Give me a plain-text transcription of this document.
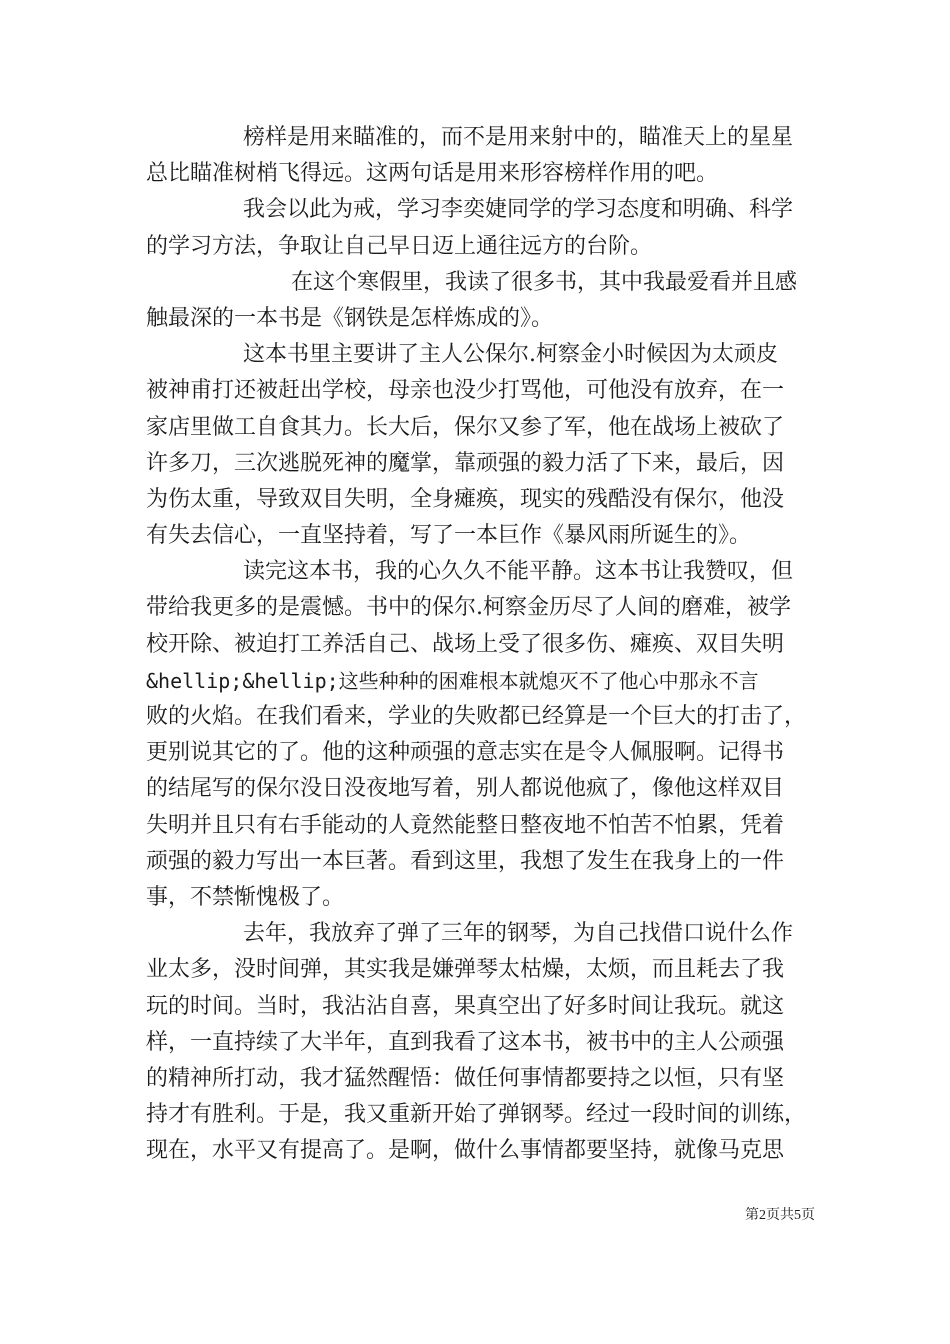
榜样是用来瞄准的，而不是用来射中的，瞄准天上的星星
总比瞄准树梢飞得远。这两句话是用来形容榜样作用的吧。
我会以此为戒，学习李奕婕同学的学习态度和明确、科学
的学习方法，争取让自己早日迈上通往远方的台阶。
在这个寒假里，我读了很多书，其中我最爱看并且感
触最深的一本书是《钢铁是怎样炼成的》。
这本书里主要讲了主人公保尔.柯察金小时候因为太顽皮
被神甫打还被赶出学校，母亲也没少打骂他，可他没有放弃，在一
家店里做工自食其力。长大后，保尔又参了军，他在战场上被砍了
许多刀，三次逃脱死神的魔掌，靠顽强的毅力活了下来，最后，因
为伤太重，导致双目失明，全身瘫痪，现实的残酷没有保尔，他没
有失去信心，一直坚持着，写了一本巨作《暴风雨所诞生的》。
读完这本书，我的心久久不能平静。这本书让我赞叹，但
带给我更多的是震憾。书中的保尔.柯察金历尽了人间的磨难，被学
校开除、被迫打工养活自己、战场上受了很多伤、瘫痪、双目失明
&hellip;&hellip;这些种种的困难根本就熄灭不了他心中那永不言
败的火焰。在我们看来，学业的失败都已经算是一个巨大的打击了，
更别说其它的了。他的这种顽强的意志实在是令人佩服啊。记得书
的结尾写的保尔没日没夜地写着，别人都说他疯了，像他这样双目
失明并且只有右手能动的人竟然能整日整夜地不怕苦不怕累，凭着
顽强的毅力写出一本巨著。看到这里，我想了发生在我身上的一件
事，不禁惭愧极了。
去年，我放弃了弹了三年的钢琴，为自己找借口说什么作
业太多，没时间弹，其实我是嫌弹琴太枯燥，太烦，而且耗去了我
玩的时间。当时，我沾沾自喜，果真空出了好多时间让我玩。就这
样，一直持续了大半年，直到我看了这本书，被书中的主人公顽强
的精神所打动，我才猛然醒悟：做任何事情都要持之以恒，只有坚
持才有胜利。于是，我又重新开始了弹钢琴。经过一段时间的训练，
现在，水平又有提高了。是啊，做什么事情都要坚持，就像马克思
第2页共5页
